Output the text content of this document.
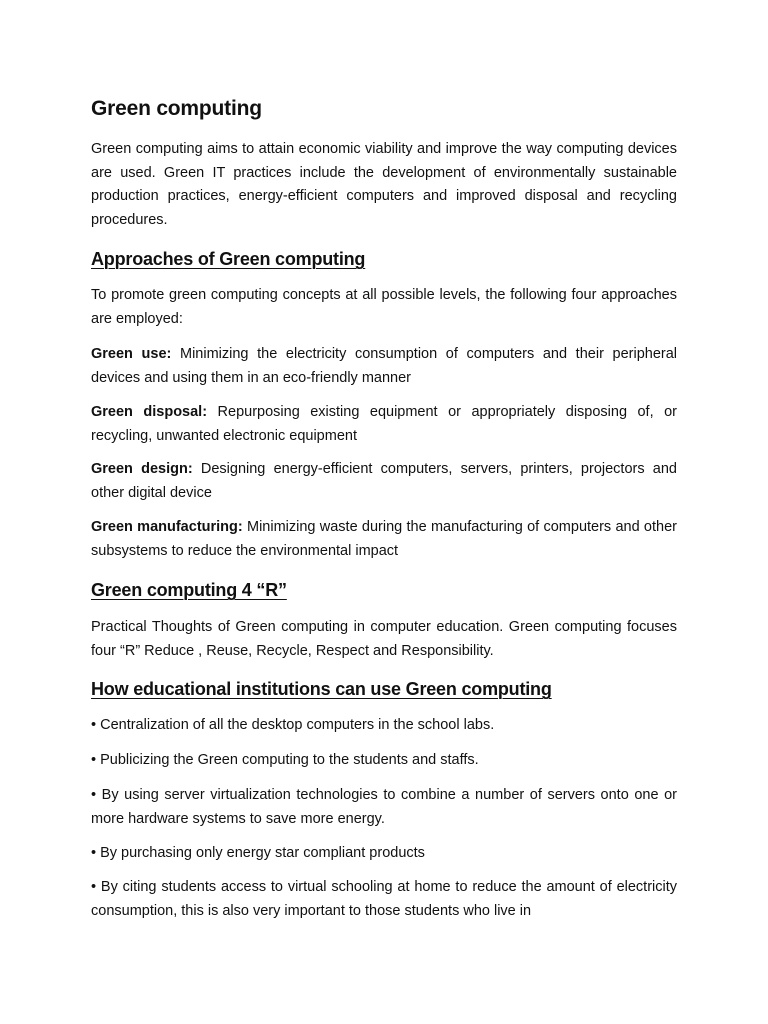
Green computing

Green computing aims to attain economic viability and improve the way computing devices are used. Green IT practices include the development of environmentally sustainable production practices, energy-efficient computers and improved disposal and recycling procedures.

Approaches of Green computing

To promote green computing concepts at all possible levels, the following four approaches are employed:

Green use: Minimizing the electricity consumption of computers and their peripheral devices and using them in an eco-friendly manner

Green disposal: Repurposing existing equipment or appropriately disposing of, or recycling, unwanted electronic equipment

Green design: Designing energy-efficient computers, servers, printers, projectors and other digital device

Green manufacturing: Minimizing waste during the manufacturing of computers and other subsystems to reduce the environmental impact

Green computing 4 “R”

Practical Thoughts of Green computing in computer education. Green computing focuses four “R” Reduce , Reuse, Recycle, Respect and Responsibility.

How educational institutions can use Green computing

• Centralization of all the desktop computers in the school labs.

• Publicizing the Green computing to the students and staffs.

• By using server virtualization technologies to combine a number of servers onto one or more hardware systems to save more energy.

• By purchasing only energy star compliant products

• By citing students access to virtual schooling at home to reduce the amount of electricity consumption, this is also very important to those students who live in
